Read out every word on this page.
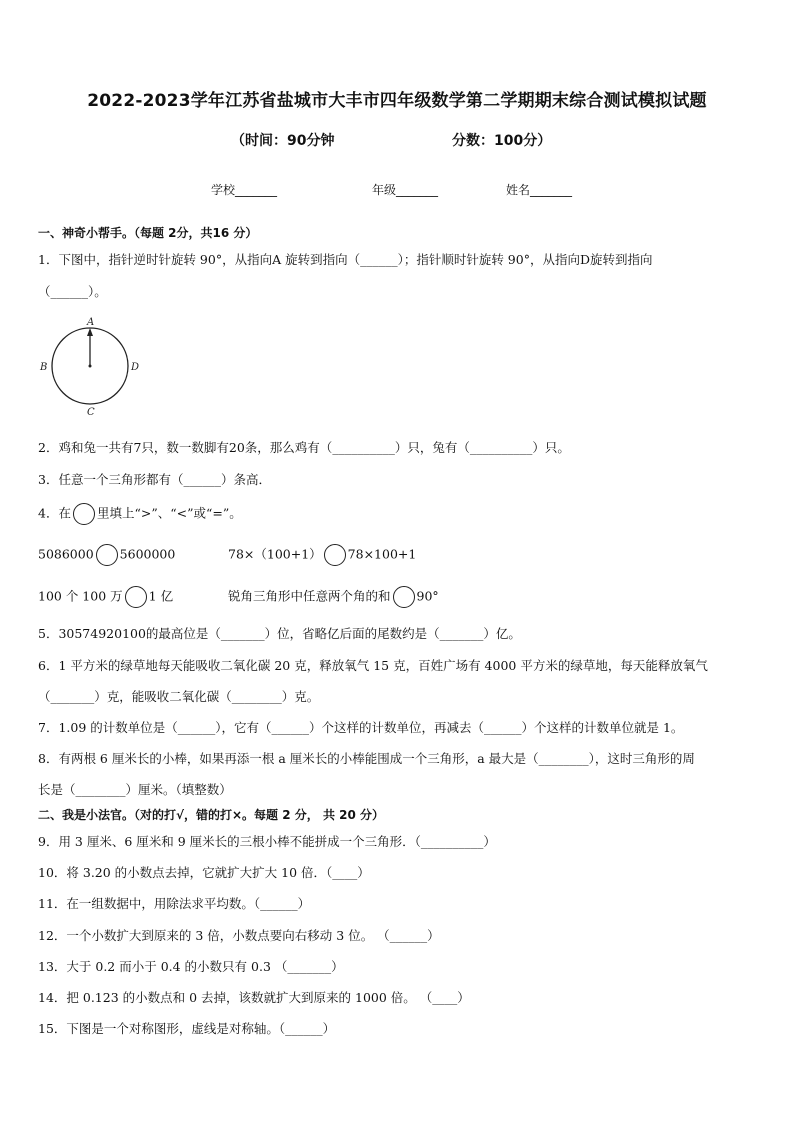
2022-2023学年江苏省盐城市大丰市四年级数学第二学期期末综合测试模拟试题
（时间：90分钟	分数：100分）
学校_______	年级_______	姓名_______
一、神奇小帮手。（每题 2分，共16 分）
1．下图中，指针逆时针旋转 90°，从指向A 旋转到指向（______）；指针顺时针旋转 90°，从指向D旋转到指向
（______）。
A
B
C
D
2．鸡和兔一共有7只，数一数脚有20条，那么鸡有（__________）只，兔有（__________）只。
3．任意一个三角形都有（______）条高．
4．在 里填上“>”、“<”或“=”。
5086000 5600000	78×（100+1） 78×100+1
100 个 100 万 1 亿	锐角三角形中任意两个角的和 90°
5．30574920100的最高位是（_______）位，省略亿后面的尾数约是（_______）亿。
6．1 平方米的绿草地每天能吸收二氧化碳 20 克，释放氧气 15 克，百姓广场有 4000 平方米的绿草地，每天能释放氧气
（_______）克，能吸收二氧化碳（________）克。
7．1.09 的计数单位是（______），它有（______）个这样的计数单位，再减去（______）个这样的计数单位就是 1。
8．有两根 6 厘米长的小棒，如果再添一根 a 厘米长的小棒能围成一个三角形，a 最大是（________），这时三角形的周
长是（________）厘米。（填整数）
二、我是小法官。（对的打√，错的打×。每题 2 分， 共 20 分）
9．用 3 厘米、6 厘米和 9 厘米长的三根小棒不能拼成一个三角形．（__________）
10．将 3.20 的小数点去掉，它就扩大扩大 10 倍．（____）
11．在一组数据中，用除法求平均数。（______）
12．一个小数扩大到原来的 3 倍，小数点要向右移动 3 位。 （______）
13．大于 0.2 而小于 0.4 的小数只有 0.3 （_______）
14．把 0.123 的小数点和 0 去掉，该数就扩大到原来的 1000 倍。 （____）
15．下图是一个对称图形，虚线是对称轴。（______）
